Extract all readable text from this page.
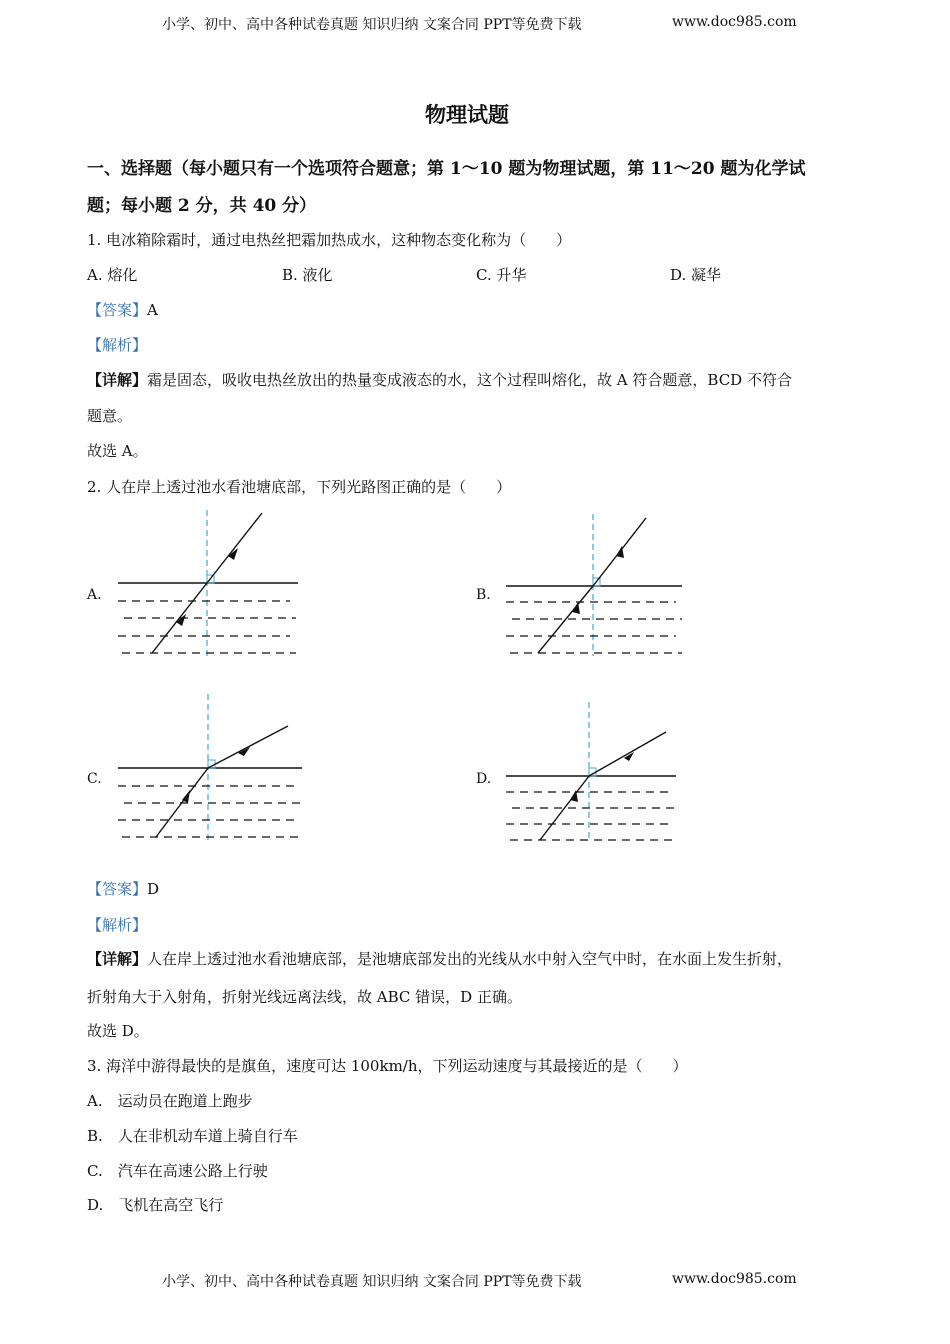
小学、初中、高中各种试卷真题 知识归纳 文案合同 PPT等免费下载	www.doc985.com
物理试题
一、选择题（每小题只有一个选项符合题意；第 1～10 题为物理试题，第 11～20 题为化学试
题；每小题 2 分，共 40 分）
1. 电冰箱除霜时，通过电热丝把霜加热成水，这种物态变化称为（　　）
A. 熔化	B. 液化	C. 升华	D. 凝华
【答案】A
【解析】
【详解】霜是固态，吸收电热丝放出的热量变成液态的水，这个过程叫熔化，故 A 符合题意，BCD 不符合
题意。
故选 A。
2. 人在岸上透过池水看池塘底部，下列光路图正确的是（　　）
A.	B.
C.	D.
【答案】D
【解析】
【详解】人在岸上透过池水看池塘底部，是池塘底部发出的光线从水中射入空气中时，在水面上发生折射，
折射角大于入射角，折射光线远离法线，故 ABC 错误，D 正确。
故选 D。
3. 海洋中游得最快的是旗鱼，速度可达 100km/h，下列运动速度与其最接近的是（　　）
A.　运动员在跑道上跑步
B.　人在非机动车道上骑自行车
C.　汽车在高速公路上行驶
D.　飞机在高空飞行
小学、初中、高中各种试卷真题 知识归纳 文案合同 PPT等免费下载	www.doc985.com
